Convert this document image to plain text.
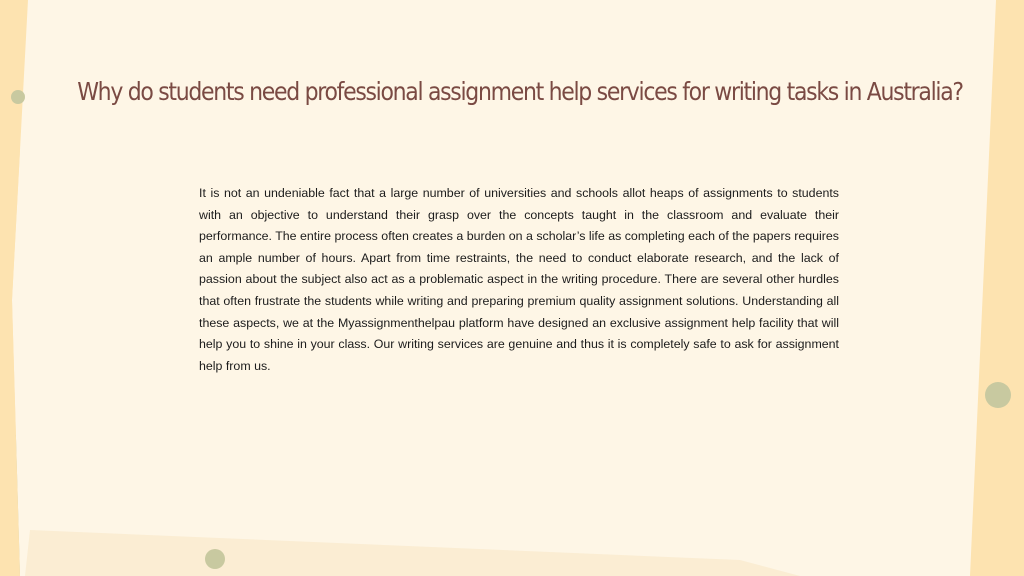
Why do students need professional assignment help services for writing tasks in Australia?

It is not an undeniable fact that a large number of universities and schools allot heaps of assignments to students with an objective to understand their grasp over the concepts taught in the classroom and evaluate their performance. The entire process often creates a burden on a scholar’s life as completing each of the papers requires an ample number of hours. Apart from time restraints, the need to conduct elaborate research, and the lack of passion about the subject also act as a problematic aspect in the writing procedure. There are several other hurdles that often frustrate the students while writing and preparing premium quality assignment solutions. Understanding all these aspects, we at the Myassignmenthelpau platform have designed an exclusive assignment help facility that will help you to shine in your class. Our writing services are genuine and thus it is completely safe to ask for assignment help from us.
